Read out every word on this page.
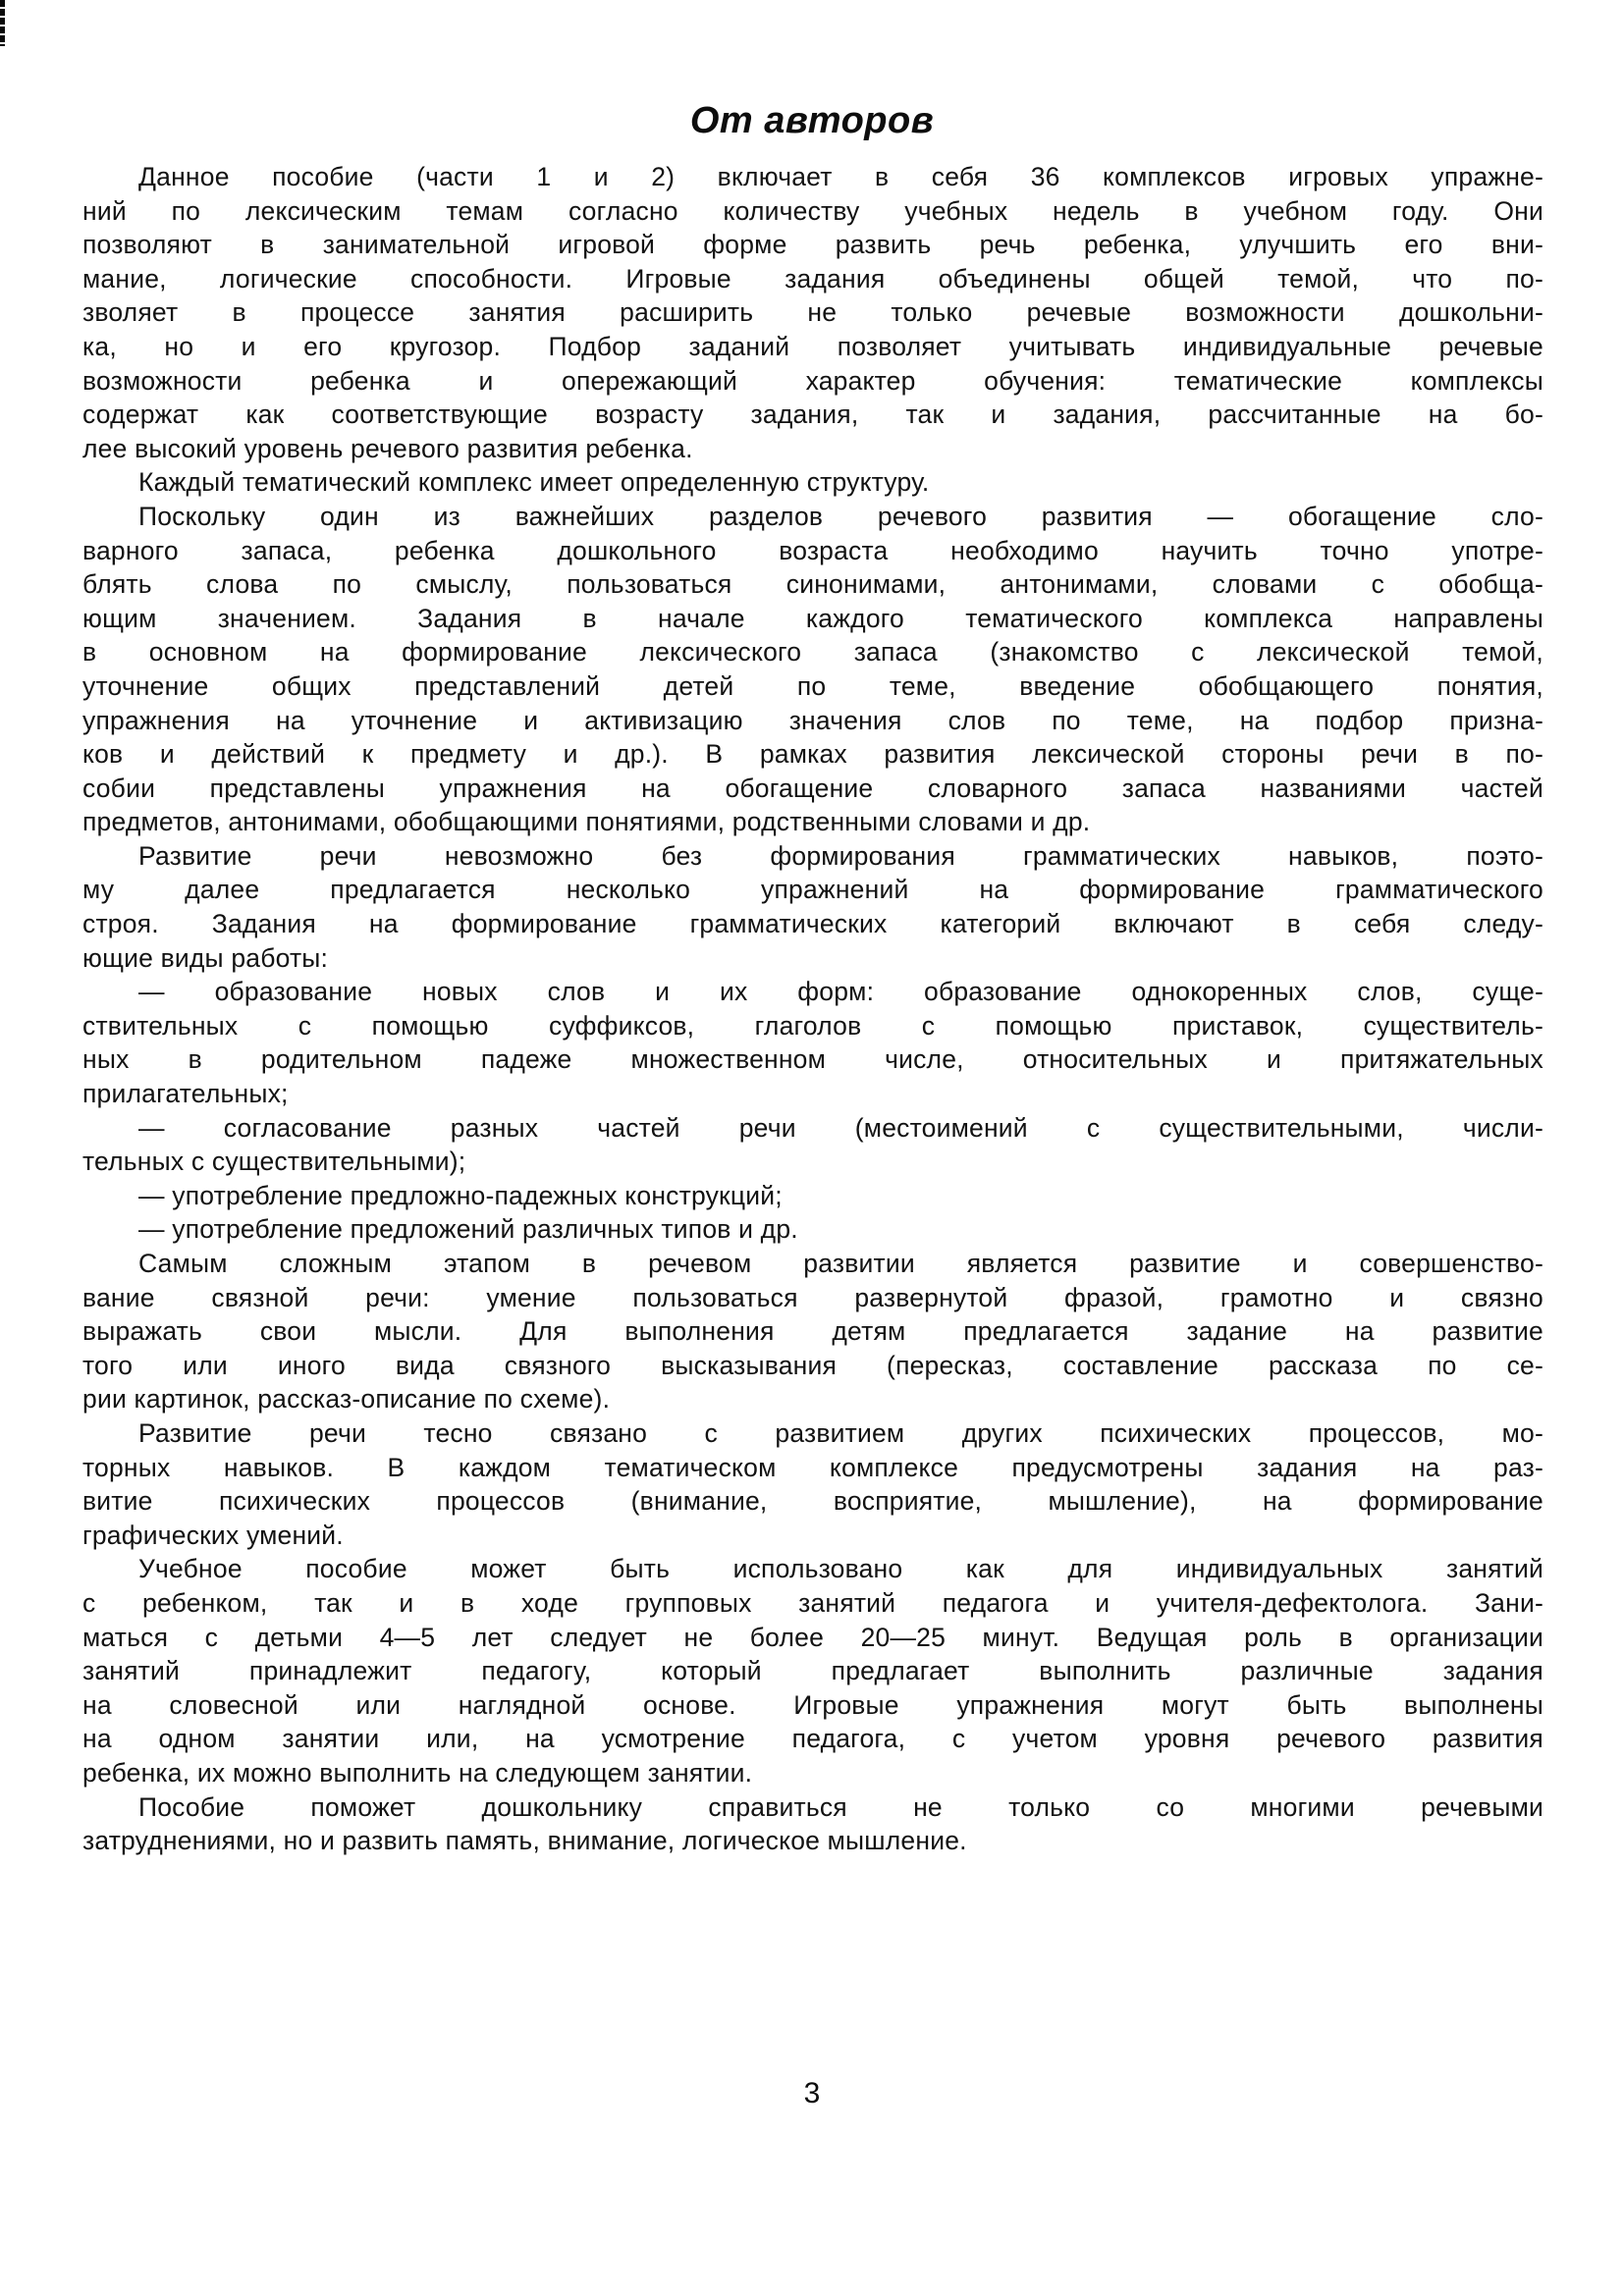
От авторов
Данное пособие (части 1 и 2) включает в себя 36 комплексов игровых упражне-
ний по лексическим темам согласно количеству учебных недель в учебном году. Они
позволяют в занимательной игровой форме развить речь ребенка, улучшить его вни-
мание, логические способности. Игровые задания объединены общей темой, что по-
зволяет в процессе занятия расширить не только речевые возможности дошкольни-
ка, но и его кругозор. Подбор заданий позволяет учитывать индивидуальные речевые
возможности ребенка и опережающий характер обучения: тематические комплексы
содержат как соответствующие возрасту задания, так и задания, рассчитанные на бо-
лее высокий уровень речевого развития ребенка.
Каждый тематический комплекс имеет определенную структуру.
Поскольку один из важнейших разделов речевого развития — обогащение сло-
варного запаса, ребенка дошкольного возраста необходимо научить точно употре-
блять слова по смыслу, пользоваться синонимами, антонимами, словами с обобща-
ющим значением. Задания в начале каждого тематического комплекса направлены
в основном на формирование лексического запаса (знакомство с лексической темой,
уточнение общих представлений детей по теме, введение обобщающего понятия,
упражнения на уточнение и активизацию значения слов по теме, на подбор призна-
ков и действий к предмету и др.). В рамках развития лексической стороны речи в по-
собии представлены упражнения на обогащение словарного запаса названиями частей
предметов, антонимами, обобщающими понятиями, родственными словами и др.
Развитие речи невозможно без формирования грамматических навыков, поэто-
му далее предлагается несколько упражнений на формирование грамматического
строя. Задания на формирование грамматических категорий включают в себя следу-
ющие виды работы:
— образование новых слов и их форм: образование однокоренных слов, суще-
ствительных с помощью суффиксов, глаголов с помощью приставок, существитель-
ных в родительном падеже множественном числе, относительных и притяжательных
прилагательных;
— согласование разных частей речи (местоимений с существительными, числи-
тельных с существительными);
— употребление предложно-падежных конструкций;
— употребление предложений различных типов и др.
Самым сложным этапом в речевом развитии является развитие и совершенство-
вание связной речи: умение пользоваться развернутой фразой, грамотно и связно
выражать свои мысли. Для выполнения детям предлагается задание на развитие
того или иного вида связного высказывания (пересказ, составление рассказа по се-
рии картинок, рассказ-описание по схеме).
Развитие речи тесно связано с развитием других психических процессов, мо-
торных навыков. В каждом тематическом комплексе предусмотрены задания на раз-
витие психических процессов (внимание, восприятие, мышление), на формирование
графических умений.
Учебное пособие может быть использовано как для индивидуальных занятий
с ребенком, так и в ходе групповых занятий педагога и учителя-дефектолога. Зани-
маться с детьми 4—5 лет следует не более 20—25 минут. Ведущая роль в организации
занятий принадлежит педагогу, который предлагает выполнить различные задания
на словесной или наглядной основе. Игровые упражнения могут быть выполнены
на одном занятии или, на усмотрение педагога, с учетом уровня речевого развития
ребенка, их можно выполнить на следующем занятии.
Пособие поможет дошкольнику справиться не только со многими речевыми
затруднениями, но и развить память, внимание, логическое мышление.
3
